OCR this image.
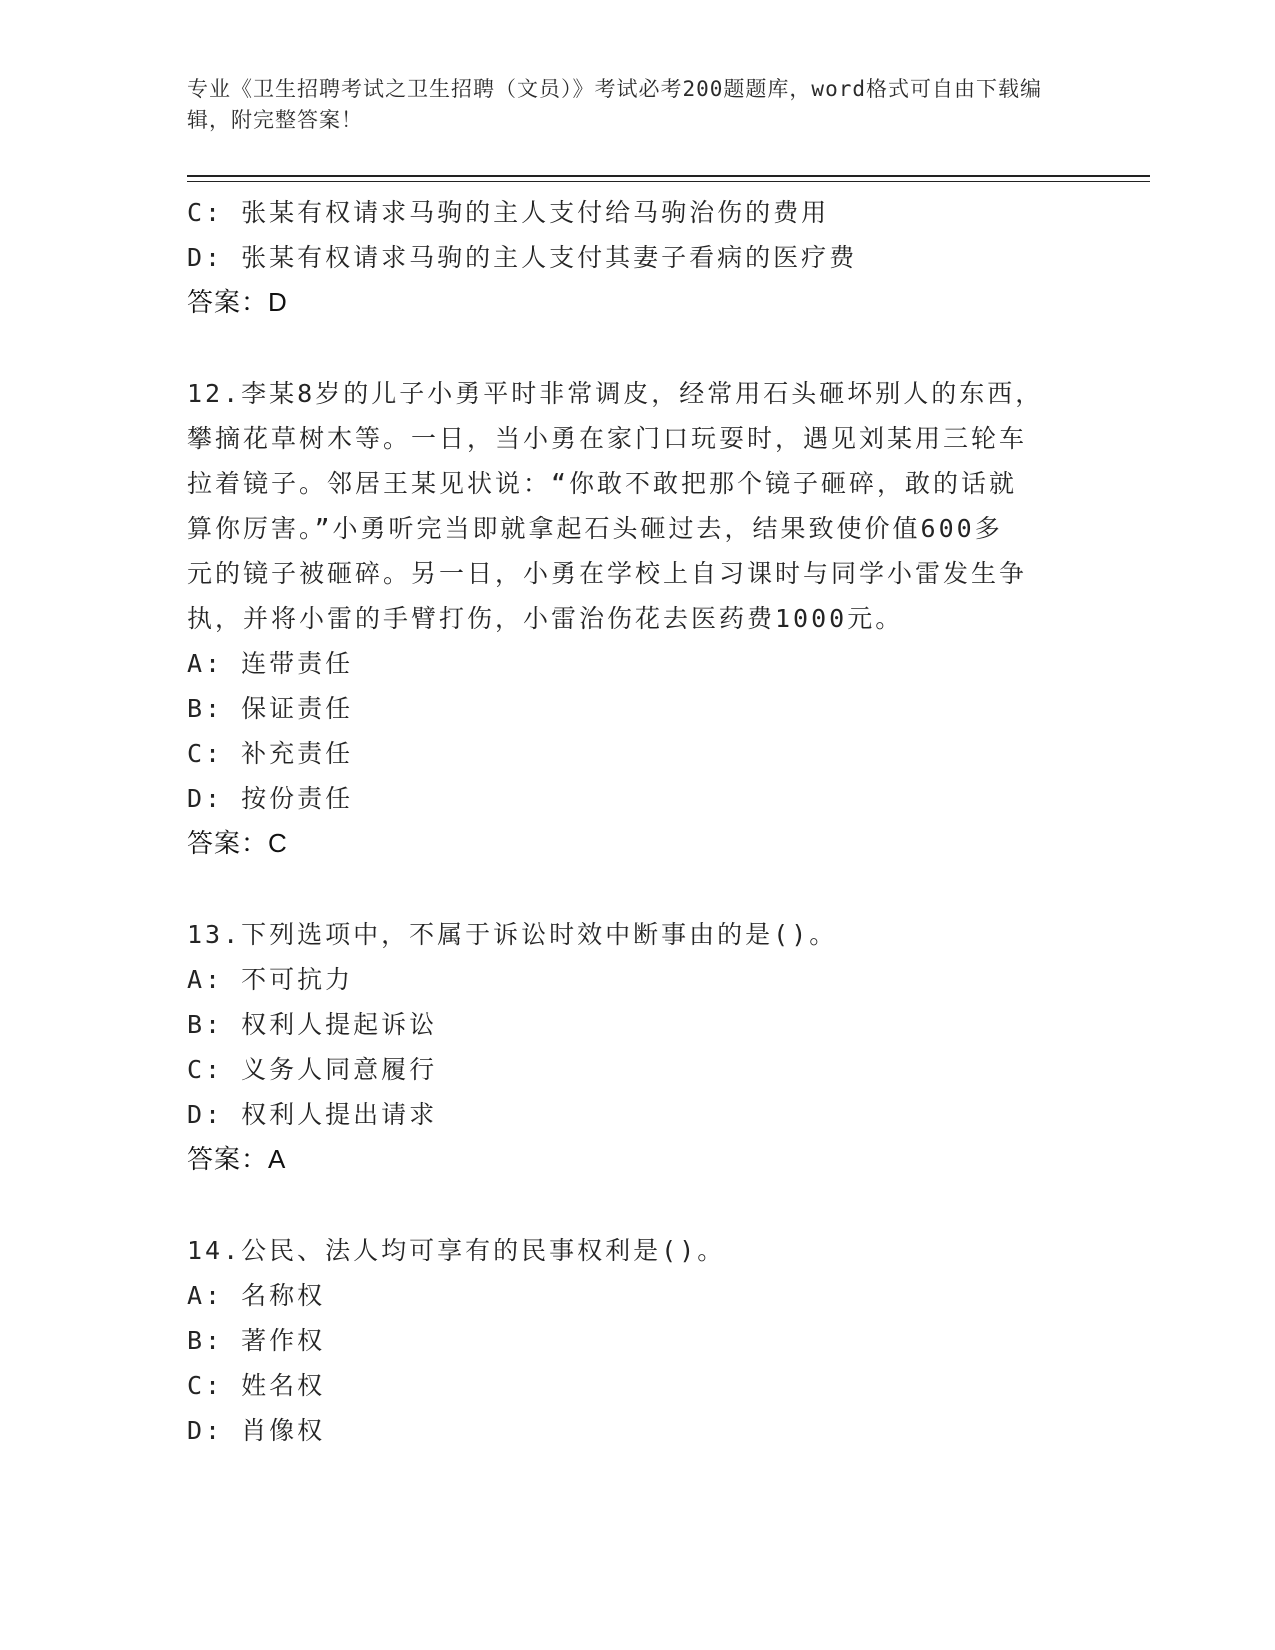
专业《卫生招聘考试之卫生招聘（文员）》考试必考200题题库，word格式可自由下载编辑，附完整答案！
C: 张某有权请求马驹的主人支付给马驹治伤的费用
D: 张某有权请求马驹的主人支付其妻子看病的医疗费
答案：D
12.李某8岁的儿子小勇平时非常调皮，经常用石头砸坏别人的东西，
攀摘花草树木等。一日，当小勇在家门口玩耍时，遇见刘某用三轮车
拉着镜子。邻居王某见状说：“你敢不敢把那个镜子砸碎，敢的话就
算你厉害。”小勇听完当即就拿起石头砸过去，结果致使价值600多
元的镜子被砸碎。另一日，小勇在学校上自习课时与同学小雷发生争
执，并将小雷的手臂打伤，小雷治伤花去医药费1000元。
A: 连带责任
B: 保证责任
C: 补充责任
D: 按份责任
答案：C
13.下列选项中，不属于诉讼时效中断事由的是()。
A: 不可抗力
B: 权利人提起诉讼
C: 义务人同意履行
D: 权利人提出请求
答案：A
14.公民、法人均可享有的民事权利是()。
A: 名称权
B: 著作权
C: 姓名权
D: 肖像权
